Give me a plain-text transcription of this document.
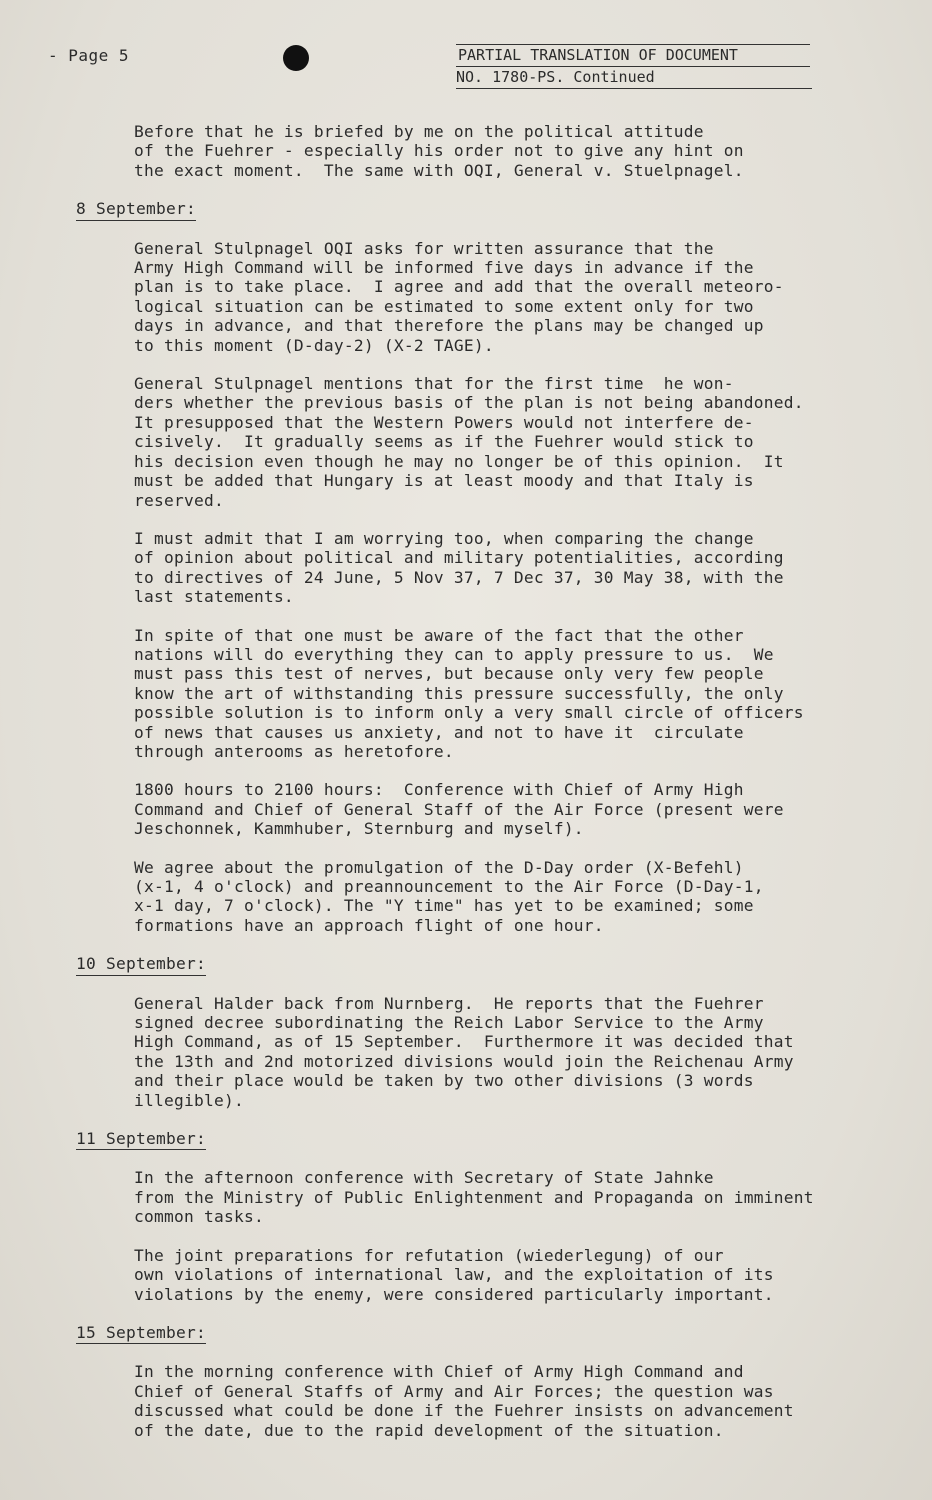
- Page 5	PARTIAL TRANSLATION OF DOCUMENT
NO. 1780-PS. Continued
Before that he is briefed by me on the political attitude
of the Fuehrer - especially his order not to give any hint on
the exact moment.  The same with OQI, General v. Stuelpnagel.
8 September:
General Stulpnagel OQI asks for written assurance that the
Army High Command will be informed five days in advance if the
plan is to take place.  I agree and add that the overall meteoro-
logical situation can be estimated to some extent only for two
days in advance, and that therefore the plans may be changed up
to this moment (D-day-2) (X-2 TAGE).
General Stulpnagel mentions that for the first time  he won-
ders whether the previous basis of the plan is not being abandoned.
It presupposed that the Western Powers would not interfere de-
cisively.  It gradually seems as if the Fuehrer would stick to
his decision even though he may no longer be of this opinion.  It
must be added that Hungary is at least moody and that Italy is
reserved.
I must admit that I am worrying too, when comparing the change
of opinion about political and military potentialities, according
to directives of 24 June, 5 Nov 37, 7 Dec 37, 30 May 38, with the
last statements.
In spite of that one must be aware of the fact that the other
nations will do everything they can to apply pressure to us.  We
must pass this test of nerves, but because only very few people
know the art of withstanding this pressure successfully, the only
possible solution is to inform only a very small circle of officers
of news that causes us anxiety, and not to have it  circulate
through anterooms as heretofore.
1800 hours to 2100 hours:  Conference with Chief of Army High
Command and Chief of General Staff of the Air Force (present were
Jeschonnek, Kammhuber, Sternburg and myself).
We agree about the promulgation of the D-Day order (X-Befehl)
(x-1, 4 o'clock) and preannouncement to the Air Force (D-Day-1,
x-1 day, 7 o'clock). The "Y time" has yet to be examined; some
formations have an approach flight of one hour.
10 September:
General Halder back from Nurnberg.  He reports that the Fuehrer
signed decree subordinating the Reich Labor Service to the Army
High Command, as of 15 September.  Furthermore it was decided that
the 13th and 2nd motorized divisions would join the Reichenau Army
and their place would be taken by two other divisions (3 words
illegible).
11 September:
In the afternoon conference with Secretary of State Jahnke
from the Ministry of Public Enlightenment and Propaganda on imminent
common tasks.
The joint preparations for refutation (wiederlegung) of our
own violations of international law, and the exploitation of its
violations by the enemy, were considered particularly important.
15 September:
In the morning conference with Chief of Army High Command and
Chief of General Staffs of Army and Air Forces; the question was
discussed what could be done if the Fuehrer insists on advancement
of the date, due to the rapid development of the situation.
